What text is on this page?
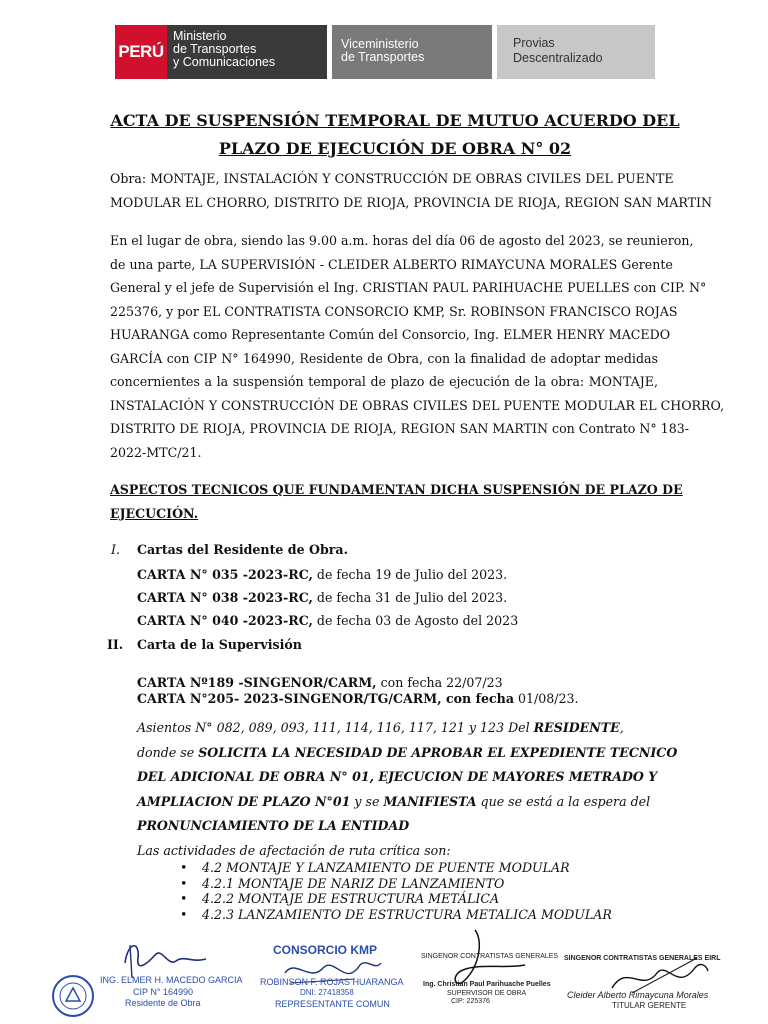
PERÚ
Ministerio
de Transportes
y Comunicaciones
Viceministerio
de Transportes
Provias
Descentralizado
ACTA DE SUSPENSIÓN TEMPORAL DE MUTUO ACUERDO DEL
PLAZO DE EJECUCIÓN DE OBRA N° 02
Obra: MONTAJE, INSTALACIÓN Y CONSTRUCCIÓN DE OBRAS CIVILES DEL PUENTE
MODULAR EL CHORRO, DISTRITO DE RIOJA, PROVINCIA DE RIOJA, REGION SAN MARTIN
En el lugar de obra, siendo las 9.00 a.m. horas del día 06 de agosto del 2023, se reunieron,
de una parte, LA SUPERVISIÓN - CLEIDER ALBERTO RIMAYCUNA MORALES Gerente
General y el jefe de Supervisión el Ing. CRISTIAN PAUL PARIHUACHE PUELLES con CIP. N°
225376, y por EL CONTRATISTA CONSORCIO KMP, Sr. ROBINSON FRANCISCO ROJAS
HUARANGA como Representante Común del Consorcio, Ing. ELMER HENRY MACEDO
GARCÍA con CIP N° 164990, Residente de Obra, con la finalidad de adoptar medidas
concernientes a la suspensión temporal de plazo de ejecución de la obra: MONTAJE,
INSTALACIÓN Y CONSTRUCCIÓN DE OBRAS CIVILES DEL PUENTE MODULAR EL CHORRO,
DISTRITO DE RIOJA, PROVINCIA DE RIOJA, REGION SAN MARTIN con Contrato N° 183-
2022-MTC/21.
ASPECTOS TECNICOS QUE FUNDAMENTAN DICHA SUSPENSIÓN DE PLAZO DE
EJECUCIÓN.
I. Cartas del Residente de Obra.
CARTA N° 035 -2023-RC, de fecha 19 de Julio del 2023.
CARTA N° 038 -2023-RC, de fecha 31 de Julio del 2023.
CARTA N° 040 -2023-RC, de fecha 03 de Agosto del 2023
II. Carta de la Supervisión
CARTA Nº189 -SINGENOR/CARM, con fecha 22/07/23
CARTA N°205- 2023-SINGENOR/TG/CARM, con fecha 01/08/23.
Asientos N° 082, 089, 093, 111, 114, 116, 117, 121 y 123 Del RESIDENTE,
donde se SOLICITA LA NECESIDAD DE APROBAR EL EXPEDIENTE TECNICO
DEL ADICIONAL DE OBRA N° 01, EJECUCION DE MAYORES METRADO Y
AMPLIACION DE PLAZO N°01 y se MANIFIESTA que se está a la espera del
PRONUNCIAMIENTO DE LA ENTIDAD
Las actividades de afectación de ruta crítica son:
• 4.2 MONTAJE Y LANZAMIENTO DE PUENTE MODULAR
• 4.2.1 MONTAJE DE NARIZ DE LANZAMIENTO
• 4.2.2 MONTAJE DE ESTRUCTURA METÁLICA
• 4.2.3 LANZAMIENTO DE ESTRUCTURA METALICA MODULAR
ING. ELMER H. MACEDO GARCIA
CIP N° 164990
Residente de Obra
CONSORCIO KMP
ROBINSON F. ROJAS HUARANGA
DNI: 27418358
REPRESENTANTE COMUN
SINGENOR CONTRATISTAS GENERALES
Ing. Christian Paul Parihuache Puelles
SUPERVISOR DE OBRA
CIP: 225376
SINGENOR CONTRATISTAS GENERALES EIRL
Cleider Alberto Rimaycuna Morales
TITULAR GERENTE
